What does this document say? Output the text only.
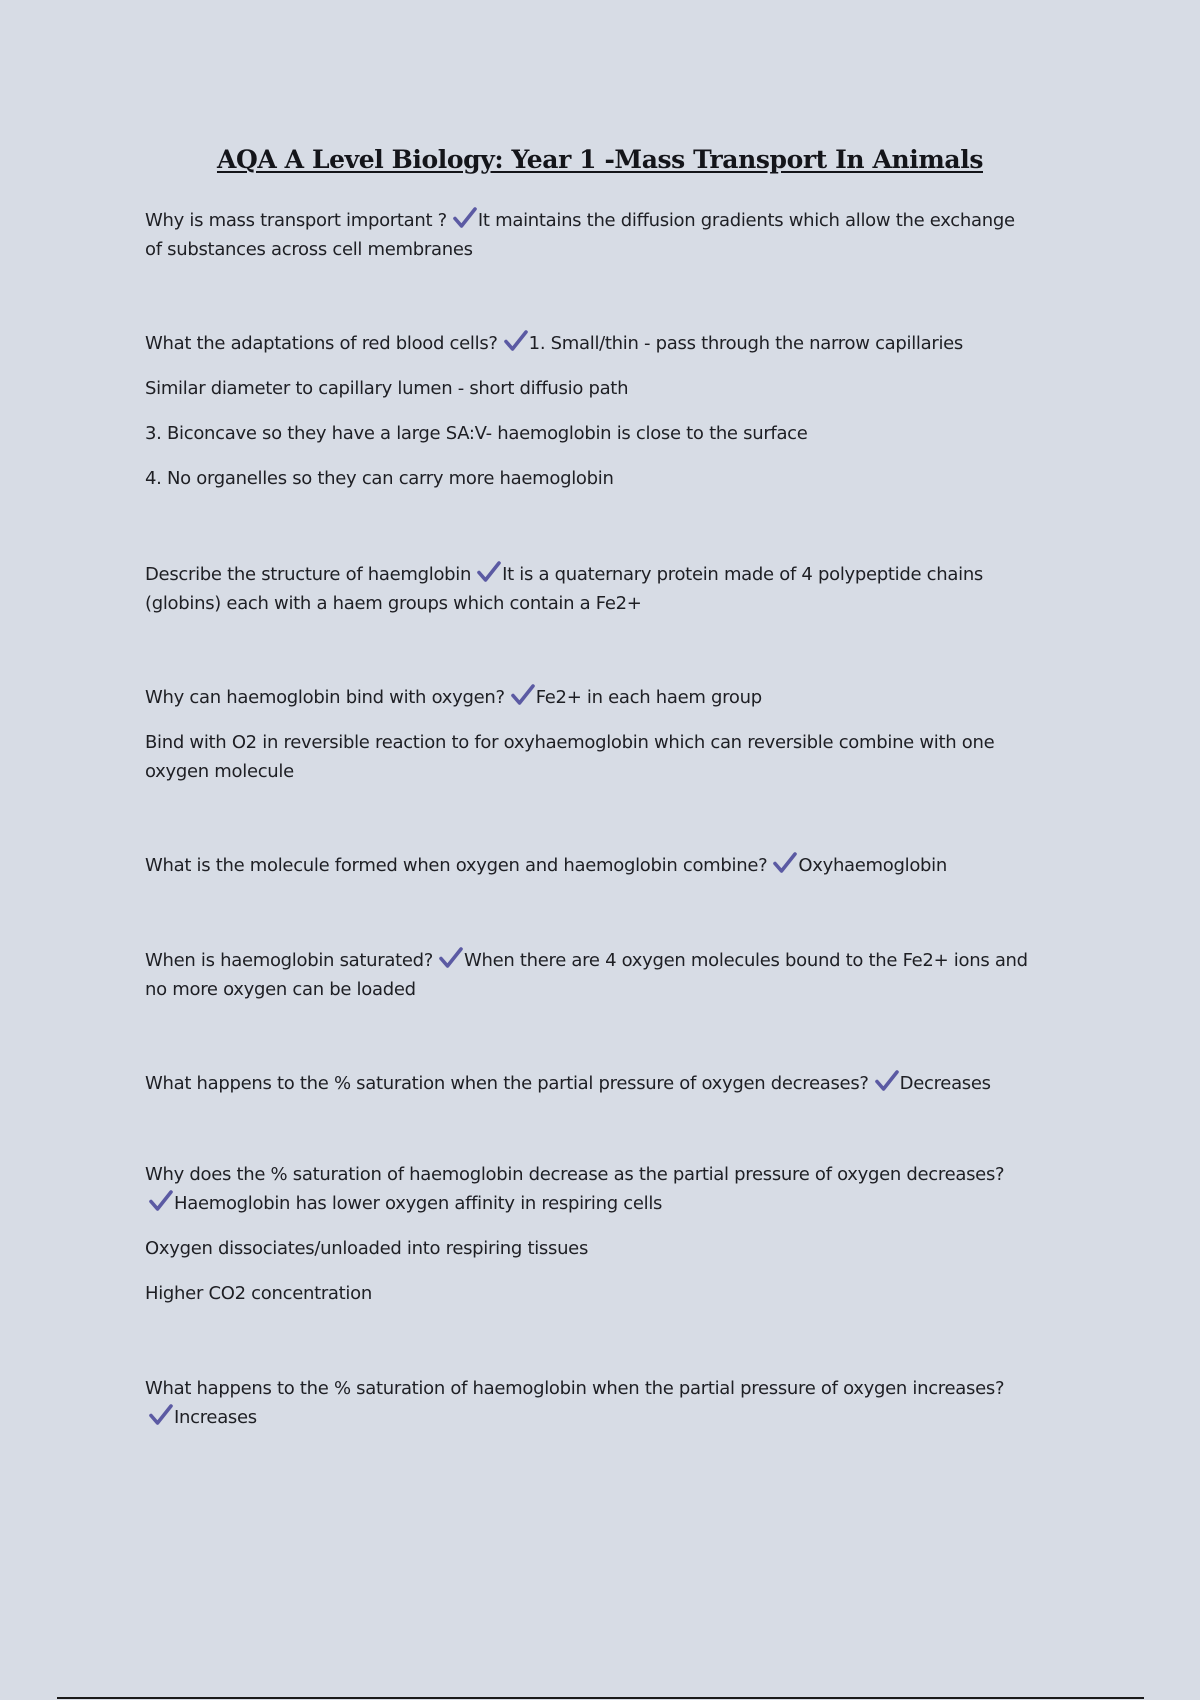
AQA A Level Biology: Year 1 -Mass Transport In Animals

Why is mass transport important ? It maintains the diffusion gradients which allow the exchange

of substances across cell membranes

What the adaptations of red blood cells? 1. Small/thin - pass through the narrow capillaries

Similar diameter to capillary lumen - short diffusio path

3. Biconcave so they have a large SA:V- haemoglobin is close to the surface

4. No organelles so they can carry more haemoglobin

Describe the structure of haemglobin It is a quaternary protein made of 4 polypeptide chains

(globins) each with a haem groups which contain a Fe2+

Why can haemoglobin bind with oxygen? Fe2+ in each haem group

Bind with O2 in reversible reaction to for oxyhaemoglobin which can reversible combine with one

oxygen molecule

What is the molecule formed when oxygen and haemoglobin combine? Oxyhaemoglobin

When is haemoglobin saturated? When there are 4 oxygen molecules bound to the Fe2+ ions and

no more oxygen can be loaded

What happens to the % saturation when the partial pressure of oxygen decreases? Decreases

Why does the % saturation of haemoglobin decrease as the partial pressure of oxygen decreases?

Haemoglobin has lower oxygen affinity in respiring cells

Oxygen dissociates/unloaded into respiring tissues

Higher CO2 concentration

What happens to the % saturation of haemoglobin when the partial pressure of oxygen increases?

Increases
